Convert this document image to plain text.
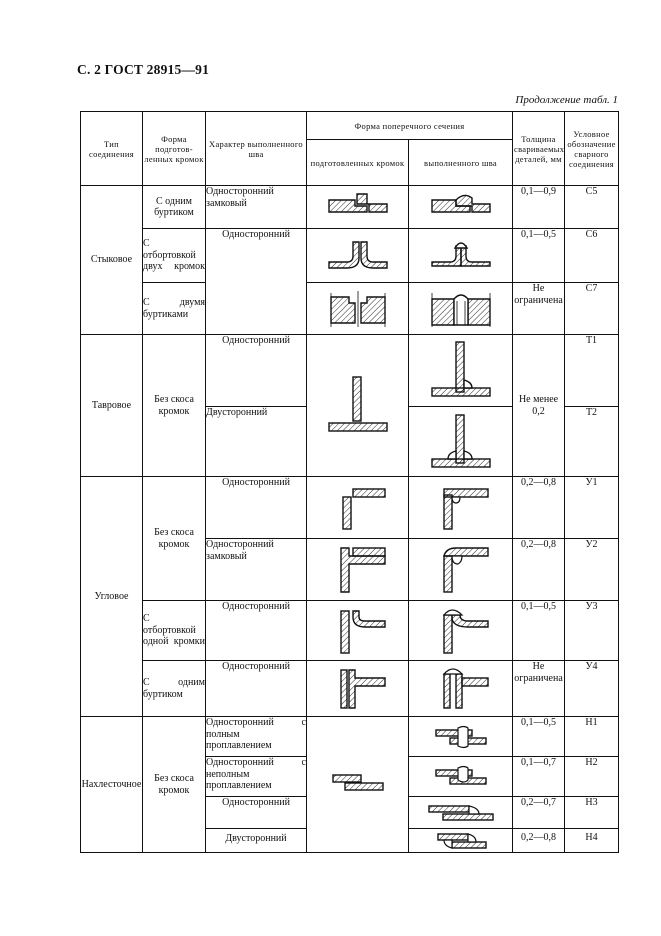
С. 2 ГОСТ 28915—91
Продолжение табл. 1
Тип соединения	Форма подготов-ленных кромок	Характер выполненного шва	Форма поперечного сечения		Толщина свариваемых деталей, мм	Условное обозначение сварного соединения
			подготовленных кромок	выполненного шва		
Стыковое	С одним буртиком	Односторонний замковый			0,1—0,9	С5
	С отбортовкой двух кромок	Односторонний			0,1—0,5	С6
	С двумя буртиками				Не ограничена	С7
Тавровое	Без скоса кромок	Односторонний			Не менее 0,2	Т1
		Двусторонний				Т2
Угловое	Без скоса кромок	Односторонний			0,2—0,8	У1
		Односторонний замковый			0,2—0,8	У2
	С отбортовкой одной кромки	Односторонний			0,1—0,5	У3
	С одним буртиком	Односторонний			Не ограничена	У4
Нахлесточное	Без скоса кромок	Односторонний с полным проплавлением			0,1—0,5	Н1
		Односторонний с неполным проплавлением			0,1—0,7	Н2
		Односторонний			0,2—0,7	Н3
		Двусторонний			0,2—0,8	Н4
